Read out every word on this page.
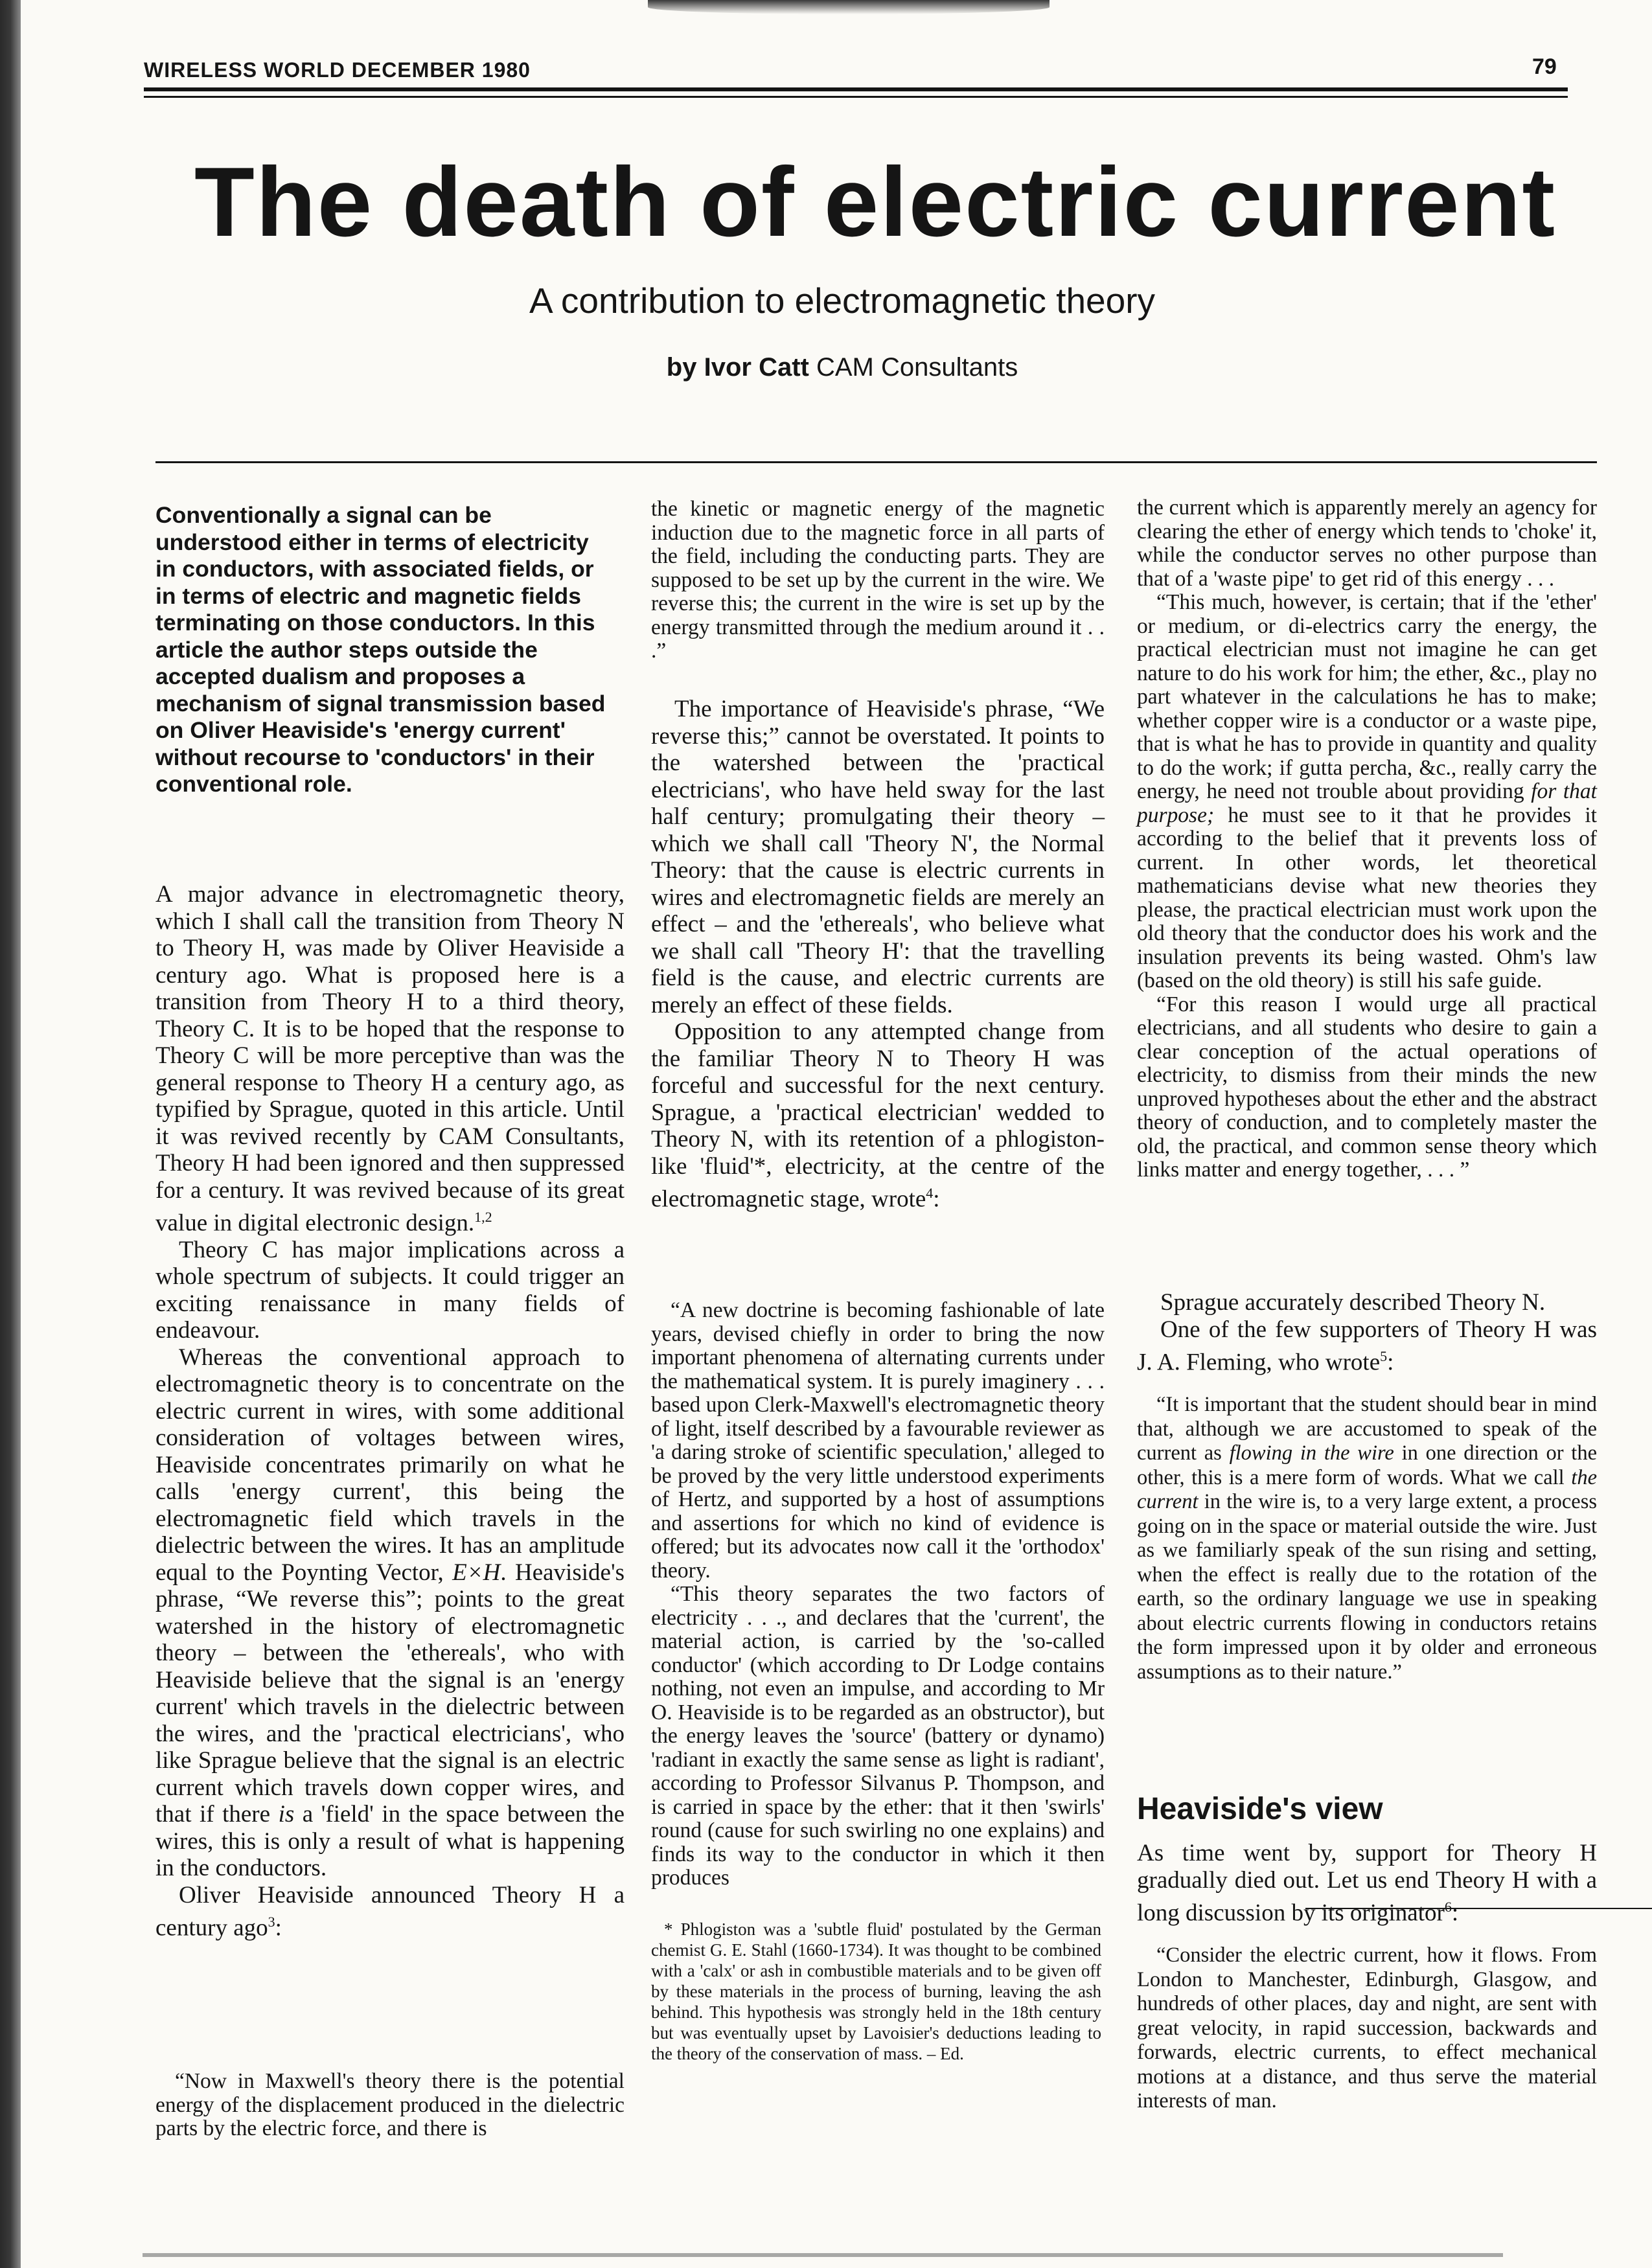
WIRELESS WORLD DECEMBER 1980	79
The death of electric current
A contribution to electromagnetic theory
by Ivor Catt CAM Consultants

Conventionally a signal can be understood either in terms of electricity in conductors, with associated fields, or in terms of electric and magnetic fields terminating on those conductors. In this article the author steps outside the accepted dualism and proposes a mechanism of signal transmission based on Oliver Heaviside's 'energy current' without recourse to 'conductors' in their conventional role.

A major advance in electromagnetic theory, which I shall call the transition from Theory N to Theory H, was made by Oliver Heaviside a century ago. What is proposed here is a transition from Theory H to a third theory, Theory C. It is to be hoped that the response to Theory C will be more perceptive than was the general response to Theory H a century ago, as typified by Sprague, quoted in this article. Until it was revived recently by CAM Consultants, Theory H had been ignored and then suppressed for a century. It was revived because of its great value in digital electronic design.$^{1,2}$

Theory C has major implications across a whole spectrum of subjects. It could trigger an exciting renaissance in many fields of endeavour.

Whereas the conventional approach to electromagnetic theory is to concentrate on the electric current in wires, with some additional consideration of voltages between wires, Heaviside concentrates primarily on what he calls 'energy current', this being the electromagnetic field which travels in the dielectric between the wires. It has an amplitude equal to the Poynting Vector, E×H. Heaviside's phrase, “We reverse this”; points to the great watershed in the history of electromagnetic theory – between the 'ethereals', who with Heaviside believe that the signal is an 'energy current' which travels in the dielectric between the wires, and the 'practical electricians', who like Sprague believe that the signal is an electric current which travels down copper wires, and that if there is a 'field' in the space between the wires, this is only a result of what is happening in the conductors.

Oliver Heaviside announced Theory H a century ago$^3$:

“Now in Maxwell's theory there is the potential energy of the displacement produced in the dielectric parts by the electric force, and there is

the kinetic or magnetic energy of the magnetic induction due to the magnetic force in all parts of the field, including the conducting parts. They are supposed to be set up by the current in the wire. We reverse this; the current in the wire is set up by the energy transmitted through the medium around it . . .”

The importance of Heaviside's phrase, “We reverse this;” cannot be overstated. It points to the watershed between the 'practical electricians', who have held sway for the last half century; promulgating their theory – which we shall call 'Theory N', the Normal Theory: that the cause is electric currents in wires and electromagnetic fields are merely an effect – and the 'ethereals', who believe what we shall call 'Theory H': that the travelling field is the cause, and electric currents are merely an effect of these fields.

Opposition to any attempted change from the familiar Theory N to Theory H was forceful and successful for the next century. Sprague, a 'practical electrician' wedded to Theory N, with its retention of a phlogiston-like 'fluid'*, electricity, at the centre of the electromagnetic stage, wrote$^4$:

“A new doctrine is becoming fashionable of late years, devised chiefly in order to bring the now important phenomena of alternating currents under the mathematical system. It is purely imaginery . . . based upon Clerk-Maxwell's electromagnetic theory of light, itself described by a favourable reviewer as 'a daring stroke of scientific speculation,' alleged to be proved by the very little understood experiments of Hertz, and supported by a host of assumptions and assertions for which no kind of evidence is offered; but its advocates now call it the 'orthodox' theory.

“This theory separates the two factors of electricity . . ., and declares that the 'current', the material action, is carried by the 'so-called conductor' (which according to Dr Lodge contains nothing, not even an impulse, and according to Mr O. Heaviside is to be regarded as an obstructor), but the energy leaves the 'source' (battery or dynamo) 'radiant in exactly the same sense as light is radiant', according to Professor Silvanus P. Thompson, and is carried in space by the ether: that it then 'swirls' round (cause for such swirling no one explains) and finds its way to the conductor in which it then produces

* Phlogiston was a 'subtle fluid' postulated by the German chemist G. E. Stahl (1660-1734). It was thought to be combined with a 'calx' or ash in combustible materials and to be given off by these materials in the process of burning, leaving the ash behind. This hypothesis was strongly held in the 18th century but was eventually upset by Lavoisier's deductions leading to the theory of the conservation of mass. – Ed.

the current which is apparently merely an agency for clearing the ether of energy which tends to 'choke' it, while the conductor serves no other purpose than that of a 'waste pipe' to get rid of this energy . . .

“This much, however, is certain; that if the 'ether' or medium, or di-electrics carry the energy, the practical electrician must not imagine he can get nature to do his work for him; the ether, &c., play no part whatever in the calculations he has to make; whether copper wire is a conductor or a waste pipe, that is what he has to provide in quantity and quality to do the work; if gutta percha, &c., really carry the energy, he need not trouble about providing for that purpose; he must see to it that he provides it according to the belief that it prevents loss of current. In other words, let theoretical mathematicians devise what new theories they please, the practical electrician must work upon the old theory that the conductor does his work and the insulation prevents its being wasted. Ohm's law (based on the old theory) is still his safe guide.

“For this reason I would urge all practical electricians, and all students who desire to gain a clear conception of the actual operations of electricity, to dismiss from their minds the new unproved hypotheses about the ether and the abstract theory of conduction, and to completely master the old, the practical, and common sense theory which links matter and energy together, . . . ”

Sprague accurately described Theory N.

One of the few supporters of Theory H was J. A. Fleming, who wrote$^5$:

“It is important that the student should bear in mind that, although we are accustomed to speak of the current as flowing in the wire in one direction or the other, this is a mere form of words. What we call the current in the wire is, to a very large extent, a process going on in the space or material outside the wire. Just as we familiarly speak of the sun rising and setting, when the effect is really due to the rotation of the earth, so the ordinary language we use in speaking about electric currents flowing in conductors retains the form impressed upon it by older and erroneous assumptions as to their nature.”

Heaviside's view

As time went by, support for Theory H gradually died out. Let us end Theory H with a long discussion by its originator$^6$:

“Consider the electric current, how it flows. From London to Manchester, Edinburgh, Glasgow, and hundreds of other places, day and night, are sent with great velocity, in rapid succession, backwards and forwards, electric currents, to effect mechanical motions at a distance, and thus serve the material interests of man.
